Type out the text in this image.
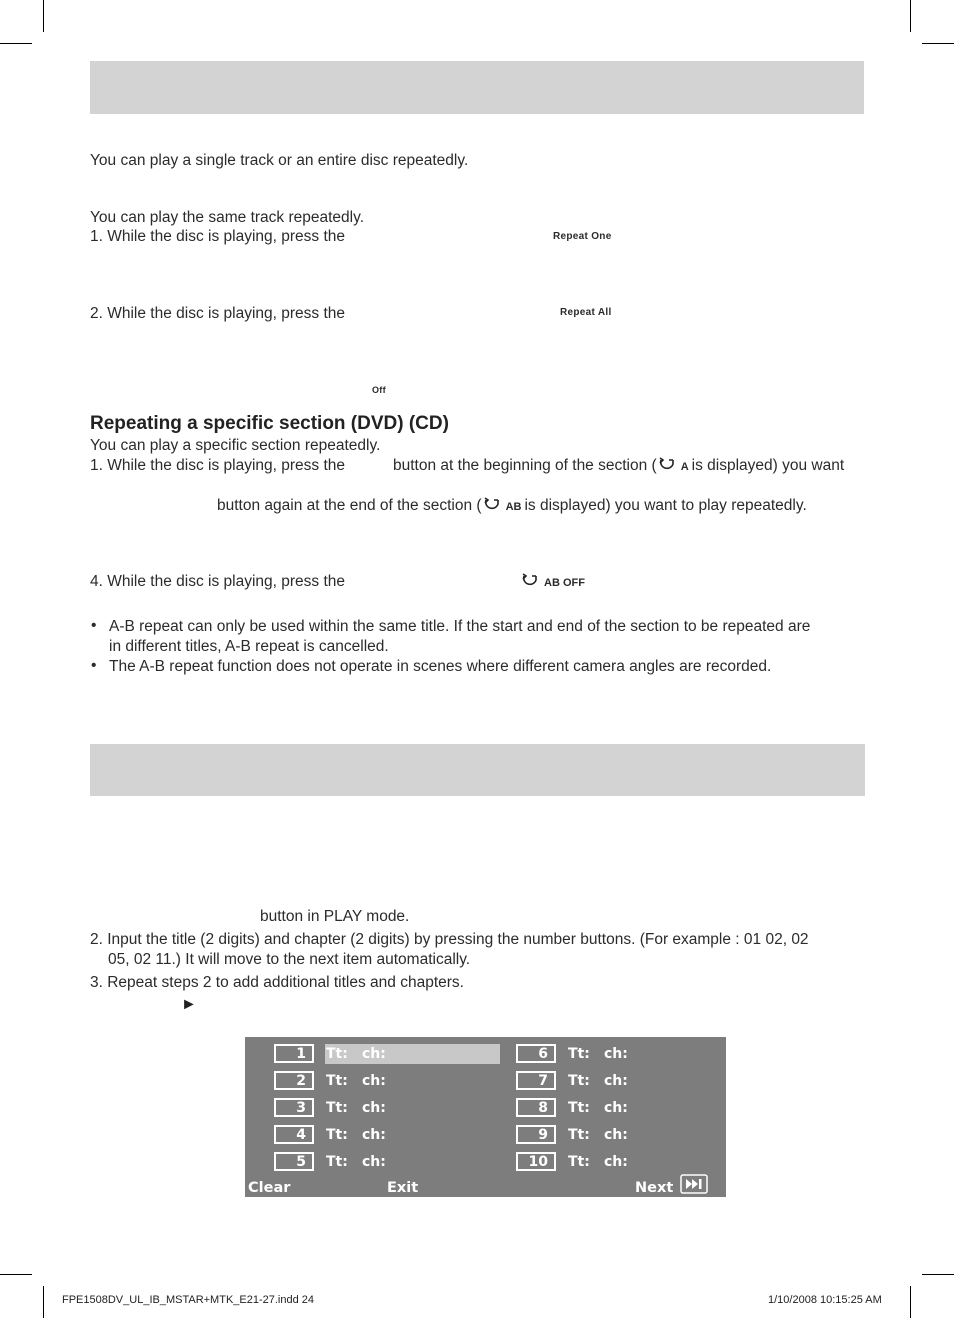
You can play a single track or an entire disc repeatedly.
You can play the same track repeatedly.
1. While the disc is playing, press the	Repeat One
2. While the disc is playing, press the	Repeat All
Off
Repeating a specific section (DVD) (CD)
You can play a specific section repeatedly.
1. While the disc is playing, press the	button at the beginning of the section ( A is displayed) you want
button again at the end of the section ( AB is displayed) you want to play repeatedly.
4. While the disc is playing, press the	AB OFF
• A-B repeat can only be used within the same title. If the start and end of the section to be repeated are
in different titles, A-B repeat is cancelled.
• The A-B repeat function does not operate in scenes where different camera angles are recorded.
button in PLAY mode.
2. Input the title (2 digits) and chapter (2 digits) by pressing the number buttons. (For example : 01 02, 02
05, 02 11.) It will move to the next item automatically.
3. Repeat steps 2 to add additional titles and chapters.
►
1	Tt: ch:
2	Tt: ch:
3	Tt: ch:
4	Tt: ch:
5	Tt: ch:
6	Tt: ch:
7	Tt: ch:
8	Tt: ch:
9	Tt: ch:
10	Tt: ch:
Clear	Exit	Next
FPE1508DV_UL_IB_MSTAR+MTK_E21-27.indd 24	1/10/2008 10:15:25 AM
